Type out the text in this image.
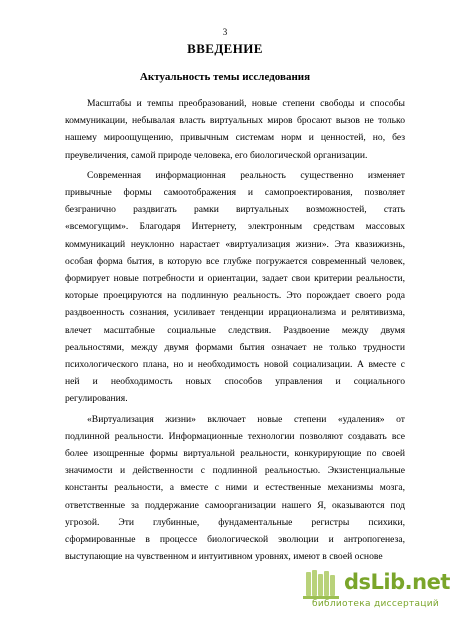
3
ВВЕДЕНИЕ
Актуальность темы исследования
Масштабы и темпы преобразований, новые степени свободы и способы
коммуникации, небывалая власть виртуальных миров бросают вызов не только
нашему мироощущению, привычным системам норм и ценностей, но, без
преувеличения, самой природе человека, его биологической организации.
Современная информационная реальность существенно изменяет
привычные формы самоотображения и самопроектирования, позволяет
безгранично раздвигать рамки виртуальных возможностей, стать
«всемогущим». Благодаря Интернету, электронным средствам массовых
коммуникаций неуклонно нарастает «виртуализация жизни». Эта квазижизнь,
особая форма бытия, в которую все глубже погружается современный человек,
формирует новые потребности и ориентации, задает свои критерии реальности,
которые проецируются на подлинную реальность. Это порождает своего рода
раздвоенность сознания, усиливает тенденции иррационализма и релятивизма,
влечет масштабные социальные следствия. Раздвоение между двумя
реальностями, между двумя формами бытия означает не только трудности
психологического плана, но и необходимость новой социализации. А вместе с
ней и необходимость новых способов управления и социального
регулирования.
«Виртуализация жизни» включает новые степени «удаления» от
подлинной реальности. Информационные технологии позволяют создавать все
более изощренные формы виртуальной реальности, конкурирующие по своей
значимости и действенности с подлинной реальностью. Экзистенциальные
константы реальности, а вместе с ними и естественные механизмы мозга,
ответственные за поддержание самоорганизации нашего Я, оказываются под
угрозой. Эти глубинные, фундаментальные регистры психики,
сформированные в процессе биологической эволюции и антропогенеза,
выступающие на чувственном и интуитивном уровнях, имеют в своей основе
dsLib.net
библиотека диссертаций
